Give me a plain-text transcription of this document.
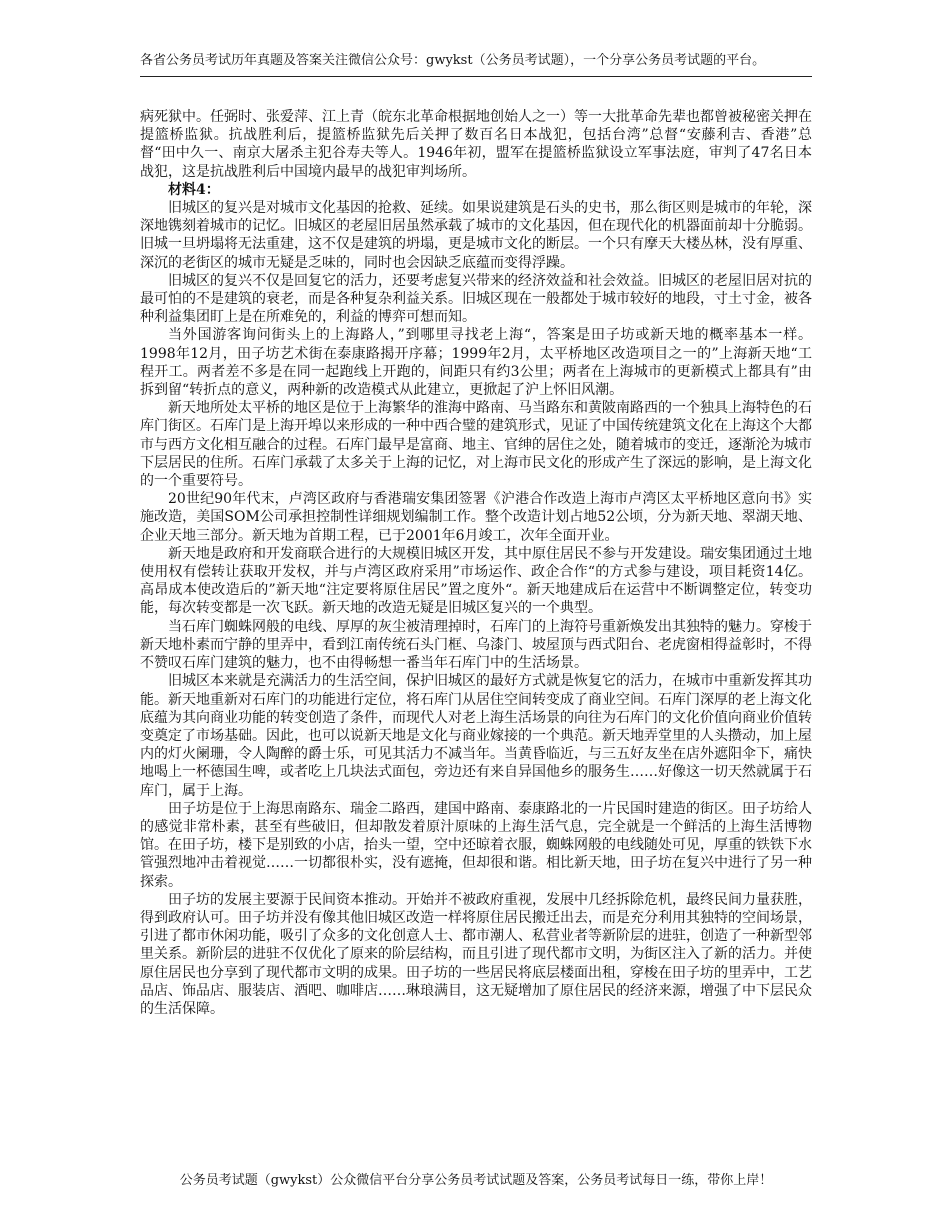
各省公务员考试历年真题及答案关注微信公众号：gwykst（公务员考试题），一个分享公务员考试题的平台。

病死狱中。任弼时、张爱萍、江上青（皖东北革命根据地创始人之一）等一大批革命先辈也都曾被秘密关押在提篮桥监狱。抗战胜利后，提篮桥监狱先后关押了数百名日本战犯，包括台湾”总督“安藤利吉、香港”总督“田中久一、南京大屠杀主犯谷寿夫等人。1946年初，盟军在提篮桥监狱设立军事法庭，审判了47名日本战犯，这是抗战胜利后中国境内最早的战犯审判场所。

材料4：

旧城区的复兴是对城市文化基因的抢救、延续。如果说建筑是石头的史书，那么街区则是城市的年轮，深深地镌刻着城市的记忆。旧城区的老屋旧居虽然承载了城市的文化基因，但在现代化的机器面前却十分脆弱。旧城一旦坍塌将无法重建，这不仅是建筑的坍塌，更是城市文化的断层。一个只有摩天大楼丛林，没有厚重、深沉的老街区的城市无疑是乏味的，同时也会因缺乏底蕴而变得浮躁。

旧城区的复兴不仅是回复它的活力，还要考虑复兴带来的经济效益和社会效益。旧城区的老屋旧居对抗的最可怕的不是建筑的衰老，而是各种复杂利益关系。旧城区现在一般都处于城市较好的地段，寸土寸金，被各种利益集团盯上是在所难免的，利益的博弈可想而知。

当外国游客询问街头上的上海路人，”到哪里寻找老上海“，答案是田子坊或新天地的概率基本一样。1998年12月，田子坊艺术街在泰康路揭开序幕；1999年2月，太平桥地区改造项目之一的”上海新天地“工程开工。两者差不多是在同一起跑线上开跑的，间距只有约3公里；两者在上海城市的更新模式上都具有”由拆到留“转折点的意义，两种新的改造模式从此建立，更掀起了沪上怀旧风潮。

新天地所处太平桥的地区是位于上海繁华的淮海中路南、马当路东和黄陂南路西的一个独具上海特色的石库门街区。石库门是上海开埠以来形成的一种中西合璧的建筑形式，见证了中国传统建筑文化在上海这个大都市与西方文化相互融合的过程。石库门最早是富商、地主、官绅的居住之处，随着城市的变迁，逐渐沦为城市下层居民的住所。石库门承载了太多关于上海的记忆，对上海市民文化的形成产生了深远的影响，是上海文化的一个重要符号。

20世纪90年代末，卢湾区政府与香港瑞安集团签署《沪港合作改造上海市卢湾区太平桥地区意向书》实施改造，美国SOM公司承担控制性详细规划编制工作。整个改造计划占地52公顷，分为新天地、翠湖天地、企业天地三部分。新天地为首期工程，已于2001年6月竣工，次年全面开业。

新天地是政府和开发商联合进行的大规模旧城区开发，其中原住居民不参与开发建设。瑞安集团通过土地使用权有偿转让获取开发权，并与卢湾区政府采用”市场运作、政企合作“的方式参与建设，项目耗资14亿。高昂成本使改造后的”新天地“注定要将原住居民”置之度外“。新天地建成后在运营中不断调整定位，转变功能，每次转变都是一次飞跃。新天地的改造无疑是旧城区复兴的一个典型。

当石库门蜘蛛网般的电线、厚厚的灰尘被清理掉时，石库门的上海符号重新焕发出其独特的魅力。穿梭于新天地朴素而宁静的里弄中，看到江南传统石头门框、乌漆门、坡屋顶与西式阳台、老虎窗相得益彰时，不得不赞叹石库门建筑的魅力，也不由得畅想一番当年石库门中的生活场景。

旧城区本来就是充满活力的生活空间，保护旧城区的最好方式就是恢复它的活力，在城市中重新发挥其功能。新天地重新对石库门的功能进行定位，将石库门从居住空间转变成了商业空间。石库门深厚的老上海文化底蕴为其向商业功能的转变创造了条件，而现代人对老上海生活场景的向往为石库门的文化价值向商业价值转变奠定了市场基础。因此，也可以说新天地是文化与商业嫁接的一个典范。新天地弄堂里的人头攒动，加上屋内的灯火阑珊，令人陶醉的爵士乐，可见其活力不减当年。当黄昏临近，与三五好友坐在店外遮阳伞下，痛快地喝上一杯德国生啤，或者吃上几块法式面包，旁边还有来自异国他乡的服务生……好像这一切天然就属于石库门，属于上海。

田子坊是位于上海思南路东、瑞金二路西，建国中路南、泰康路北的一片民国时建造的街区。田子坊给人的感觉非常朴素，甚至有些破旧，但却散发着原汁原味的上海生活气息，完全就是一个鲜活的上海生活博物馆。在田子坊，楼下是别致的小店，抬头一望，空中还晾着衣服，蜘蛛网般的电线随处可见，厚重的铁铁下水管强烈地冲击着视觉……一切都很朴实，没有遮掩，但却很和谐。相比新天地，田子坊在复兴中进行了另一种探索。

田子坊的发展主要源于民间资本推动。开始并不被政府重视，发展中几经拆除危机，最终民间力量获胜，得到政府认可。田子坊并没有像其他旧城区改造一样将原住居民搬迁出去，而是充分利用其独特的空间场景，引进了都市休闲功能，吸引了众多的文化创意人士、都市潮人、私营业者等新阶层的进驻，创造了一种新型邻里关系。新阶层的进驻不仅优化了原来的阶层结构，而且引进了现代都市文明，为街区注入了新的活力。并使原住居民也分享到了现代都市文明的成果。田子坊的一些居民将底层楼面出租，穿梭在田子坊的里弄中，工艺品店、饰品店、服装店、酒吧、咖啡店……琳琅满目，这无疑增加了原住居民的经济来源，增强了中下层民众的生活保障。

公务员考试题（gwykst）公众微信平台分享公务员考试试题及答案，公务员考试每日一练，带你上岸！
